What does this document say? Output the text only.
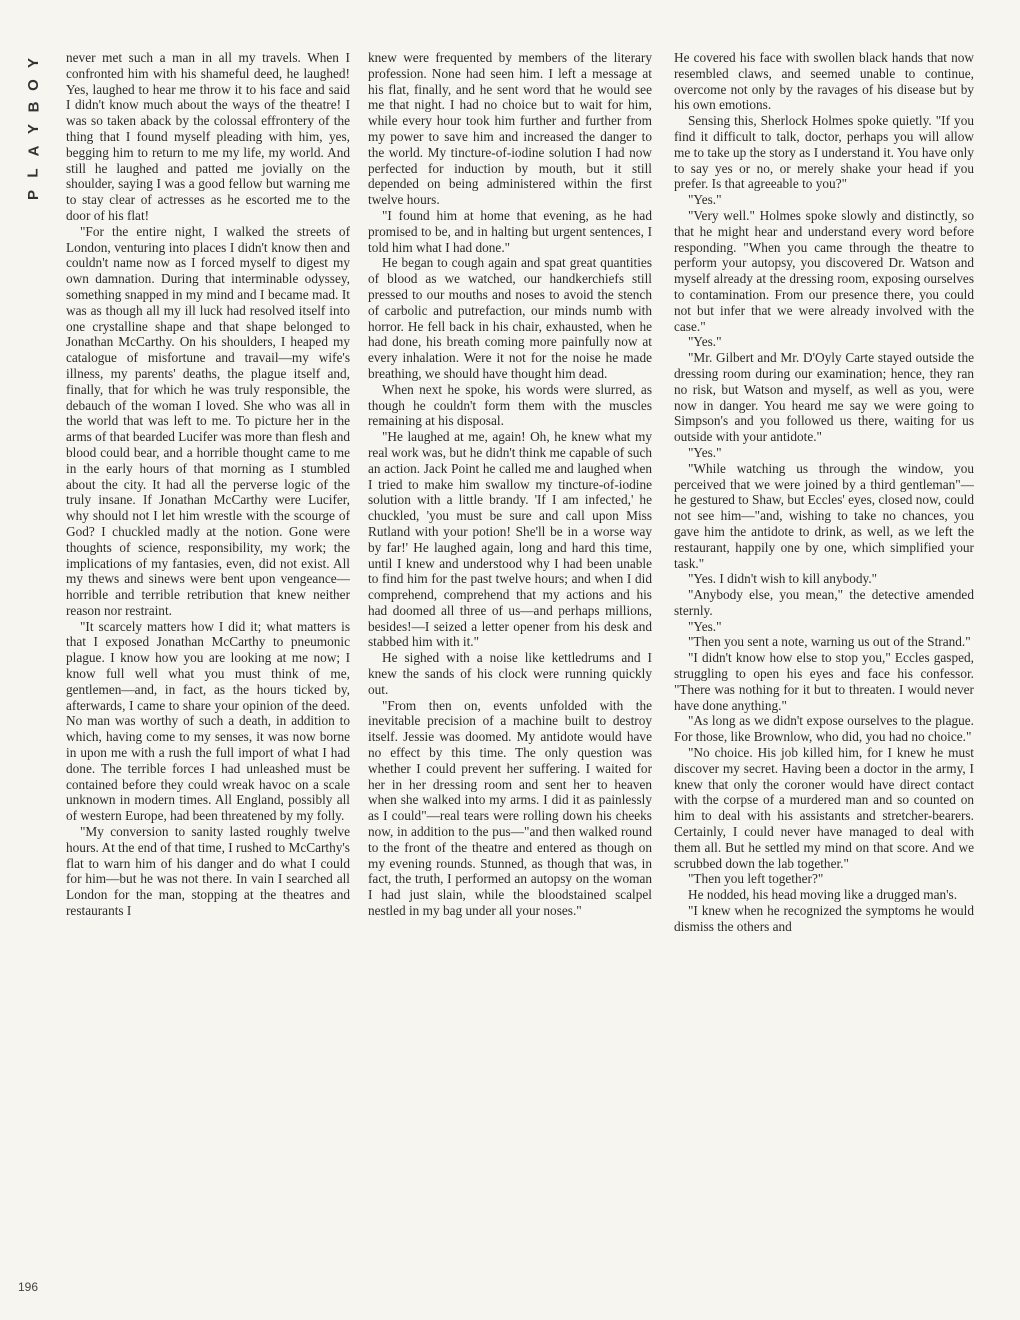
Y
O
B
Y
A
L
P
196

never met such a man in all my travels. When I confronted him with his shameful deed, he laughed! Yes, laughed to hear me throw it to his face and said I didn't know much about the ways of the theatre! I was so taken aback by the colossal effrontery of the thing that I found myself pleading with him, yes, begging him to return to me my life, my world. And still he laughed and patted me jovially on the shoulder, saying I was a good fellow but warning me to stay clear of actresses as he escorted me to the door of his flat!

"For the entire night, I walked the streets of London, venturing into places I didn't know then and couldn't name now as I forced myself to digest my own damnation. During that interminable odyssey, something snapped in my mind and I became mad. It was as though all my ill luck had resolved itself into one crystalline shape and that shape belonged to Jonathan McCarthy. On his shoulders, I heaped my catalogue of misfortune and travail—my wife's illness, my parents' deaths, the plague itself and, finally, that for which he was truly responsible, the debauch of the woman I loved. She who was all in the world that was left to me. To picture her in the arms of that bearded Lucifer was more than flesh and blood could bear, and a horrible thought came to me in the early hours of that morning as I stumbled about the city. It had all the perverse logic of the truly insane. If Jonathan McCarthy were Lucifer, why should not I let him wrestle with the scourge of God? I chuckled madly at the notion. Gone were thoughts of science, responsibility, my work; the implications of my fantasies, even, did not exist. All my thews and sinews were bent upon vengeance—horrible and terrible retribution that knew neither reason nor restraint.

"It scarcely matters how I did it; what matters is that I exposed Jonathan McCarthy to pneumonic plague. I know how you are looking at me now; I know full well what you must think of me, gentlemen—and, in fact, as the hours ticked by, afterwards, I came to share your opinion of the deed. No man was worthy of such a death, in addition to which, having come to my senses, it was now borne in upon me with a rush the full import of what I had done. The terrible forces I had unleashed must be contained before they could wreak havoc on a scale unknown in modern times. All England, possibly all of western Europe, had been threatened by my folly.

"My conversion to sanity lasted roughly twelve hours. At the end of that time, I rushed to McCarthy's flat to warn him of his danger and do what I could for him—but he was not there. In vain I searched all London for the man, stopping at the theatres and restaurants I

knew were frequented by members of the literary profession. None had seen him. I left a message at his flat, finally, and he sent word that he would see me that night. I had no choice but to wait for him, while every hour took him further and further from my power to save him and increased the danger to the world. My tincture-of-iodine solution I had now perfected for induction by mouth, but it still depended on being administered within the first twelve hours.

"I found him at home that evening, as he had promised to be, and in halting but urgent sentences, I told him what I had done."

He began to cough again and spat great quantities of blood as we watched, our handkerchiefs still pressed to our mouths and noses to avoid the stench of carbolic and putrefaction, our minds numb with horror. He fell back in his chair, exhausted, when he had done, his breath coming more painfully now at every inhalation. Were it not for the noise he made breathing, we should have thought him dead.

When next he spoke, his words were slurred, as though he couldn't form them with the muscles remaining at his disposal.

"He laughed at me, again! Oh, he knew what my real work was, but he didn't think me capable of such an action. Jack Point he called me and laughed when I tried to make him swallow my tincture-of-iodine solution with a little brandy. 'If I am infected,' he chuckled, 'you must be sure and call upon Miss Rutland with your potion! She'll be in a worse way by far!' He laughed again, long and hard this time, until I knew and understood why I had been unable to find him for the past twelve hours; and when I did comprehend, comprehend that my actions and his had doomed all three of us—and perhaps millions, besides!—I seized a letter opener from his desk and stabbed him with it."

He sighed with a noise like kettledrums and I knew the sands of his clock were running quickly out.

"From then on, events unfolded with the inevitable precision of a machine built to destroy itself. Jessie was doomed. My antidote would have no effect by this time. The only question was whether I could prevent her suffering. I waited for her in her dressing room and sent her to heaven when she walked into my arms. I did it as painlessly as I could"—real tears were rolling down his cheeks now, in addition to the pus—"and then walked round to the front of the theatre and entered as though on my evening rounds. Stunned, as though that was, in fact, the truth, I performed an autopsy on the woman I had just slain, while the bloodstained scalpel nestled in my bag under all your noses."

He covered his face with swollen black hands that now resembled claws, and seemed unable to continue, overcome not only by the ravages of his disease but by his own emotions.

Sensing this, Sherlock Holmes spoke quietly. "If you find it difficult to talk, doctor, perhaps you will allow me to take up the story as I understand it. You have only to say yes or no, or merely shake your head if you prefer. Is that agreeable to you?"

"Yes."

"Very well." Holmes spoke slowly and distinctly, so that he might hear and understand every word before responding. "When you came through the theatre to perform your autopsy, you discovered Dr. Watson and myself already at the dressing room, exposing ourselves to contamination. From our presence there, you could not but infer that we were already involved with the case."

"Yes."

"Mr. Gilbert and Mr. D'Oyly Carte stayed outside the dressing room during our examination; hence, they ran no risk, but Watson and myself, as well as you, were now in danger. You heard me say we were going to Simpson's and you followed us there, waiting for us outside with your antidote."

"Yes."

"While watching us through the window, you perceived that we were joined by a third gentleman"—he gestured to Shaw, but Eccles' eyes, closed now, could not see him—"and, wishing to take no chances, you gave him the antidote to drink, as well, as we left the restaurant, happily one by one, which simplified your task."

"Yes. I didn't wish to kill anybody."

"Anybody else, you mean," the detective amended sternly.

"Yes."

"Then you sent a note, warning us out of the Strand."

"I didn't know how else to stop you," Eccles gasped, struggling to open his eyes and face his confessor. "There was nothing for it but to threaten. I would never have done anything."

"As long as we didn't expose ourselves to the plague. For those, like Brownlow, who did, you had no choice."

"No choice. His job killed him, for I knew he must discover my secret. Having been a doctor in the army, I knew that only the coroner would have direct contact with the corpse of a murdered man and so counted on him to deal with his assistants and stretcher-bearers. Certainly, I could never have managed to deal with them all. But he settled my mind on that score. And we scrubbed down the lab together."

"Then you left together?"

He nodded, his head moving like a drugged man's.

"I knew when he recognized the symptoms he would dismiss the others and
